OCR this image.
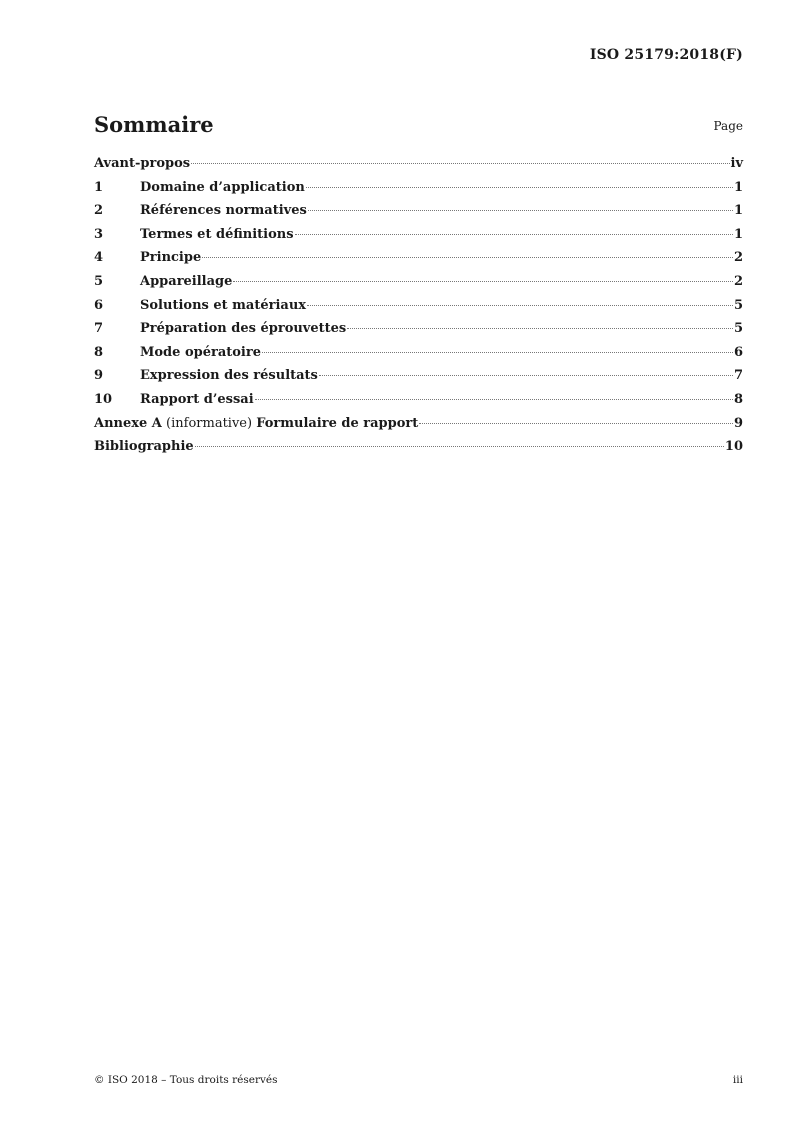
ISO 25179:2018(F)
Sommaire	Page
Avant-propos	iv
1	Domaine d’application	1
2	Références normatives	1
3	Termes et définitions	1
4	Principe	2
5	Appareillage	2
6	Solutions et matériaux	5
7	Préparation des éprouvettes	5
8	Mode opératoire	6
9	Expression des résultats	7
10	Rapport d’essai	8
Annexe A (informative) Formulaire de rapport	9
Bibliographie	10
© ISO 2018 – Tous droits réservés	iii
